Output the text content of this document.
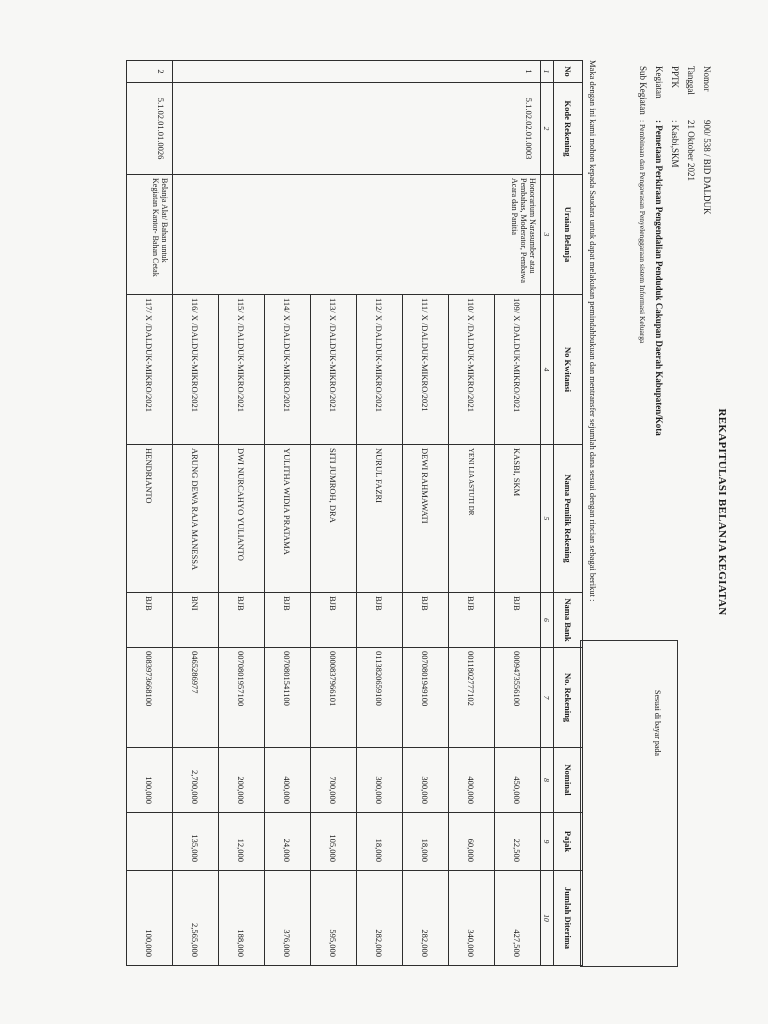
REKAPITULASI BELANJA KEGIATAN
Sesuai di bayar pada
Nomor
900/ 538 / BID DALDUK
Tanggal
21 Oktober 2021
PPTK
: Kasbi,SKM
Kegiatan
: Pemetaan Perkiraan Pengendalian Penduduk Cakupan Daerah Kabupaten/Kota
Sub Kegiatan
: Pembinaan dan Pengawasan Penyelenggaraan sistem Informasi Keluarga
Maka dengan ini kami mohon kepada Saudara untuk dapat melakukan pemindahbukuan dan mentransfer sejumlah dana sesuai dengan rincian sebagai berikut :
No	Kode Rekening	Uraian Belanja	No Kwitansi	Nama Pemilik Rekening	Nama Bank	No. Rekening	Nominal	Pajak	Jumlah Diterima
1	2	3	4	5	6	7	8	9	10
1	5.1.02.02.01.0003	Honorarium Narasumber atau Pembahas, Moderator, Pembawa Acara dan Panitia	109/ X /DALDUK-MIKRO/2021	KASBI, SKM	BJB	0009473556100	450,000	22,500	427,500
			110/ X /DALDUK-MIKRO/2021	YENI LIA ASTUTI DR	BJB	0011802777102	400,000	60,000	340,000
			111/ X /DALDUK-MIKRO/2021	DEWI RAHMAWATI	BJB	0070801949100	300,000	18,000	282,000
			112/ X /DALDUK-MIKRO/2021	NURUL FAZRI	BJB	0113820659100	300,000	18,000	282,000
			113/ X /DALDUK-MIKRO/2021	SITI JUMROH, DRA	BJB	0000837966101	700,000	105,000	595,000
			114/ X /DALDUK-MIKRO/2021	YULITHA WIDIA PRATAMA	BJB	0070801541100	400,000	24,000	376,000
			115/ X /DALDUK-MIKRO/2021	DWI NURCAHYO YULIANTO	BJB	0070801957100	200,000	12,000	188,000
			116/ X /DALDUK-MIKRO/2021	ARUNG DEWA RAJA MANESSA	BNI	0465286977	2,700,000	135,000	2,565,000
2	5.1.02.01.01.0026	Belanja Alat/ Bahan untuk Kegiatan Kantor- Bahan Cetak	117/ X /DALDUK-MIKRO/2021	HENDRIANTO	BJB	0083973668100	100,000		100,000
